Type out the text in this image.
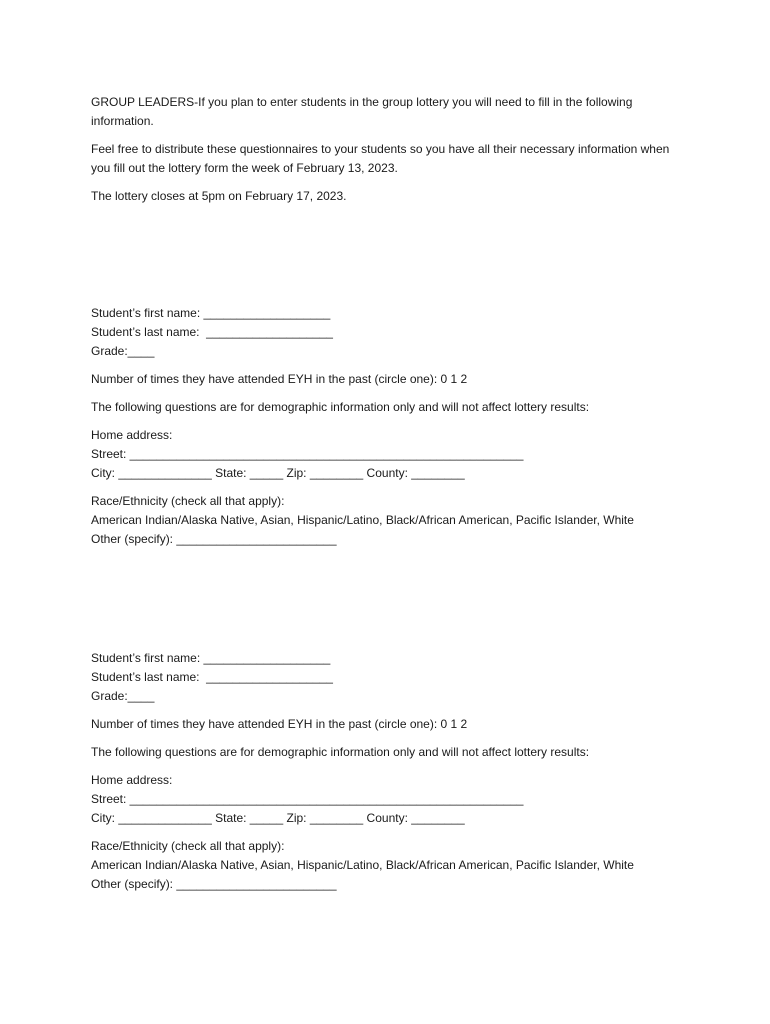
GROUP LEADERS-If you plan to enter students in the group lottery you will need to fill in the following information.

Feel free to distribute these questionnaires to your students so you have all their necessary information when you fill out the lottery form the week of February 13, 2023.

The lottery closes at 5pm on February 17, 2023.

Student’s first name: ___________________

Student’s last name:  ___________________

Grade:____

Number of times they have attended EYH in the past (circle one): 0 1 2

The following questions are for demographic information only and will not affect lottery results:

Home address:

Street: ___________________________________________________________

City: ______________ State: _____ Zip: ________ County: ________

Race/Ethnicity (check all that apply):

American Indian/Alaska Native, Asian, Hispanic/Latino, Black/African American, Pacific Islander, White

Other (specify): ________________________

Student’s first name: ___________________

Student’s last name:  ___________________

Grade:____

Number of times they have attended EYH in the past (circle one): 0 1 2

The following questions are for demographic information only and will not affect lottery results:

Home address:

Street: ___________________________________________________________

City: ______________ State: _____ Zip: ________ County: ________

Race/Ethnicity (check all that apply):

American Indian/Alaska Native, Asian, Hispanic/Latino, Black/African American, Pacific Islander, White

Other (specify): ________________________
